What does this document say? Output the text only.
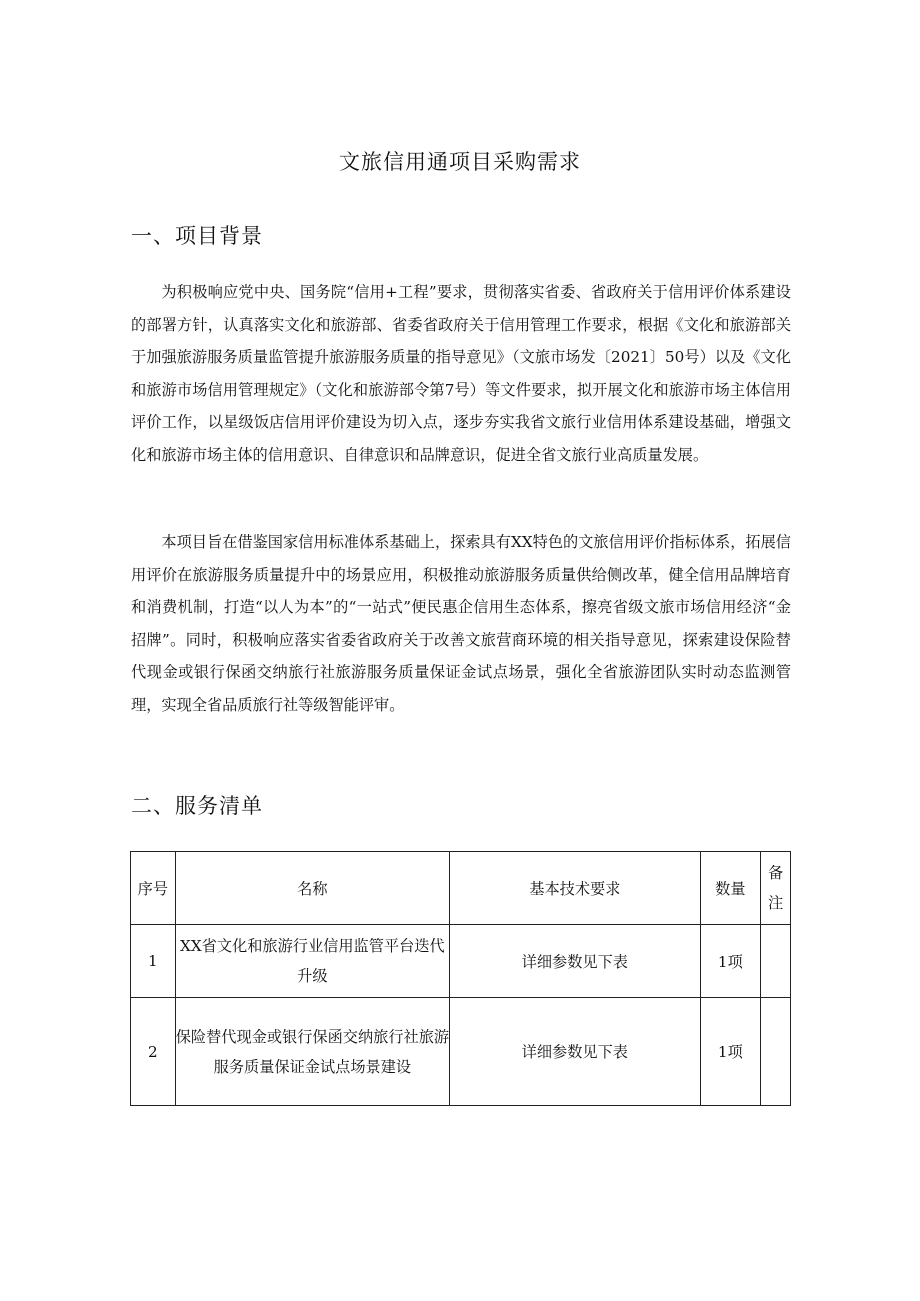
文旅信用通项目采购需求
一、项目背景

为积极响应党中央、国务院“信用+工程”要求，贯彻落实省委、省政府关于信用评价体系建设的部署方针，认真落实文化和旅游部、省委省政府关于信用管理工作要求，根据《文化和旅游部关于加强旅游服务质量监管提升旅游服务质量的指导意见》（文旅市场发〔2021〕50号）以及《文化和旅游市场信用管理规定》（文化和旅游部令第7号）等文件要求，拟开展文化和旅游市场主体信用评价工作，以星级饭店信用评价建设为切入点，逐步夯实我省文旅行业信用体系建设基础，增强文化和旅游市场主体的信用意识、自律意识和品牌意识，促进全省文旅行业高质量发展。

本项目旨在借鉴国家信用标准体系基础上，探索具有XX特色的文旅信用评价指标体系，拓展信用评价在旅游服务质量提升中的场景应用，积极推动旅游服务质量供给侧改革，健全信用品牌培育和消费机制，打造“以人为本”的“一站式”便民惠企信用生态体系，擦亮省级文旅市场信用经济“金招牌”。同时，积极响应落实省委省政府关于改善文旅营商环境的相关指导意见，探索建设保险替代现金或银行保函交纳旅行社旅游服务质量保证金试点场景，强化全省旅游团队实时动态监测管理，实现全省品质旅行社等级智能评审。

二、服务清单
序号	名称	基本技术要求	数量	备注
1	XX省文化和旅游行业信用监管平台迭代升级	详细参数见下表	1项	
2	保险替代现金或银行保函交纳旅行社旅游服务质量保证金试点场景建设	详细参数见下表	1项	
